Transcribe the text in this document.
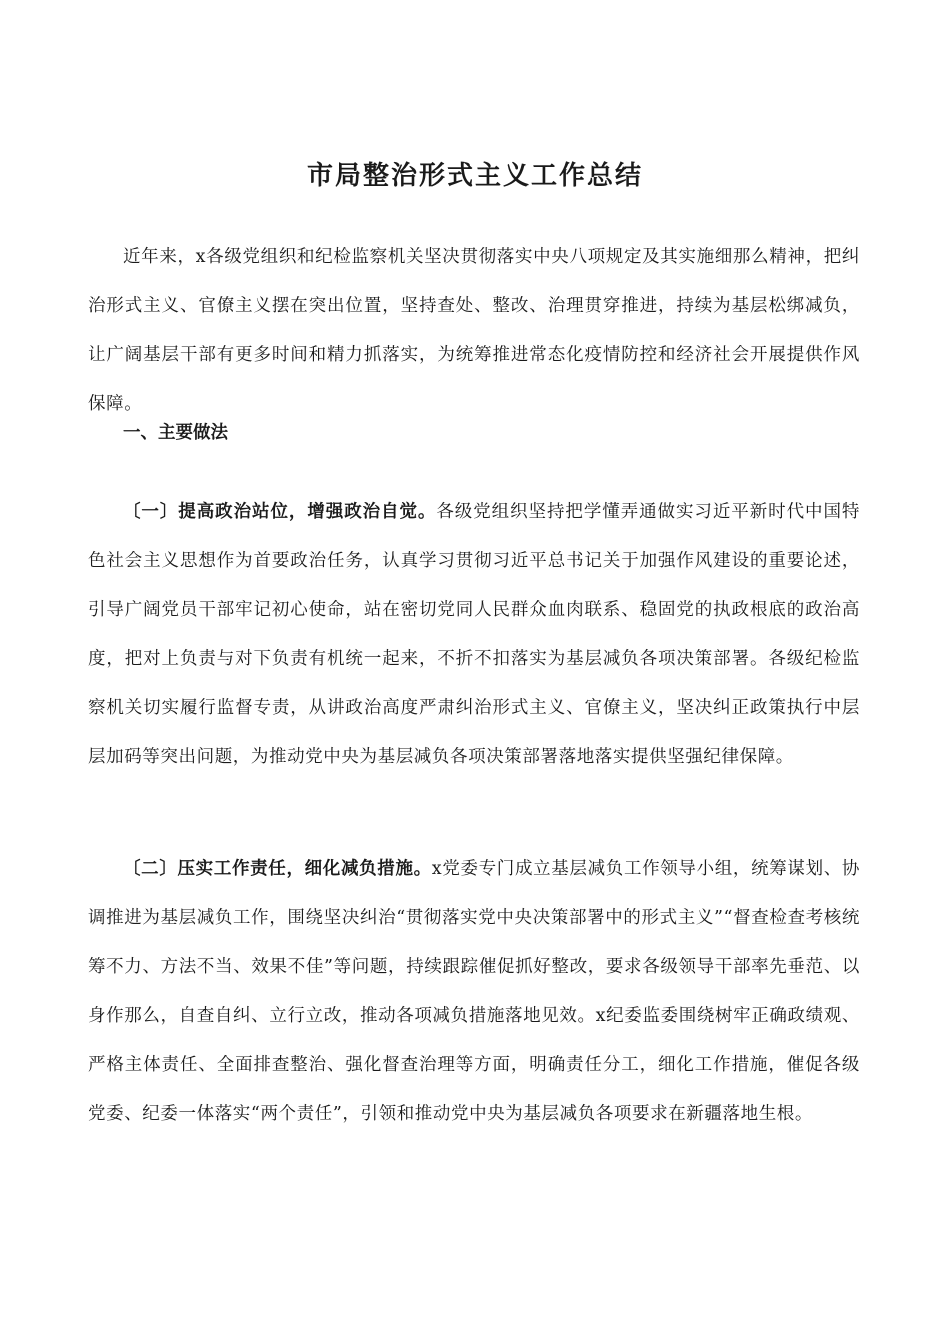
市局整治形式主义工作总结

近年来，x各级党组织和纪检监察机关坚决贯彻落实中央八项规定及其实施细那么精神，把纠治形式主义、官僚主义摆在突出位置，坚持查处、整改、治理贯穿推进，持续为基层松绑减负，让广阔基层干部有更多时间和精力抓落实，为统筹推进常态化疫情防控和经济社会开展提供作风保障。

一、主要做法

〔一〕提高政治站位，增强政治自觉。各级党组织坚持把学懂弄通做实习近平新时代中国特色社会主义思想作为首要政治任务，认真学习贯彻习近平总书记关于加强作风建设的重要论述，引导广阔党员干部牢记初心使命，站在密切党同人民群众血肉联系、稳固党的执政根底的政治高度，把对上负责与对下负责有机统一起来，不折不扣落实为基层减负各项决策部署。各级纪检监察机关切实履行监督专责，从讲政治高度严肃纠治形式主义、官僚主义，坚决纠正政策执行中层层加码等突出问题，为推动党中央为基层减负各项决策部署落地落实提供坚强纪律保障。

〔二〕压实工作责任，细化减负措施。x党委专门成立基层减负工作领导小组，统筹谋划、协调推进为基层减负工作，围绕坚决纠治“贯彻落实党中央决策部署中的形式主义”“督查检查考核统筹不力、方法不当、效果不佳”等问题，持续跟踪催促抓好整改，要求各级领导干部率先垂范、以身作那么，自查自纠、立行立改，推动各项减负措施落地见效。x纪委监委围绕树牢正确政绩观、严格主体责任、全面排查整治、强化督查治理等方面，明确责任分工，细化工作措施，催促各级党委、纪委一体落实“两个责任”，引领和推动党中央为基层减负各项要求在新疆落地生根。
